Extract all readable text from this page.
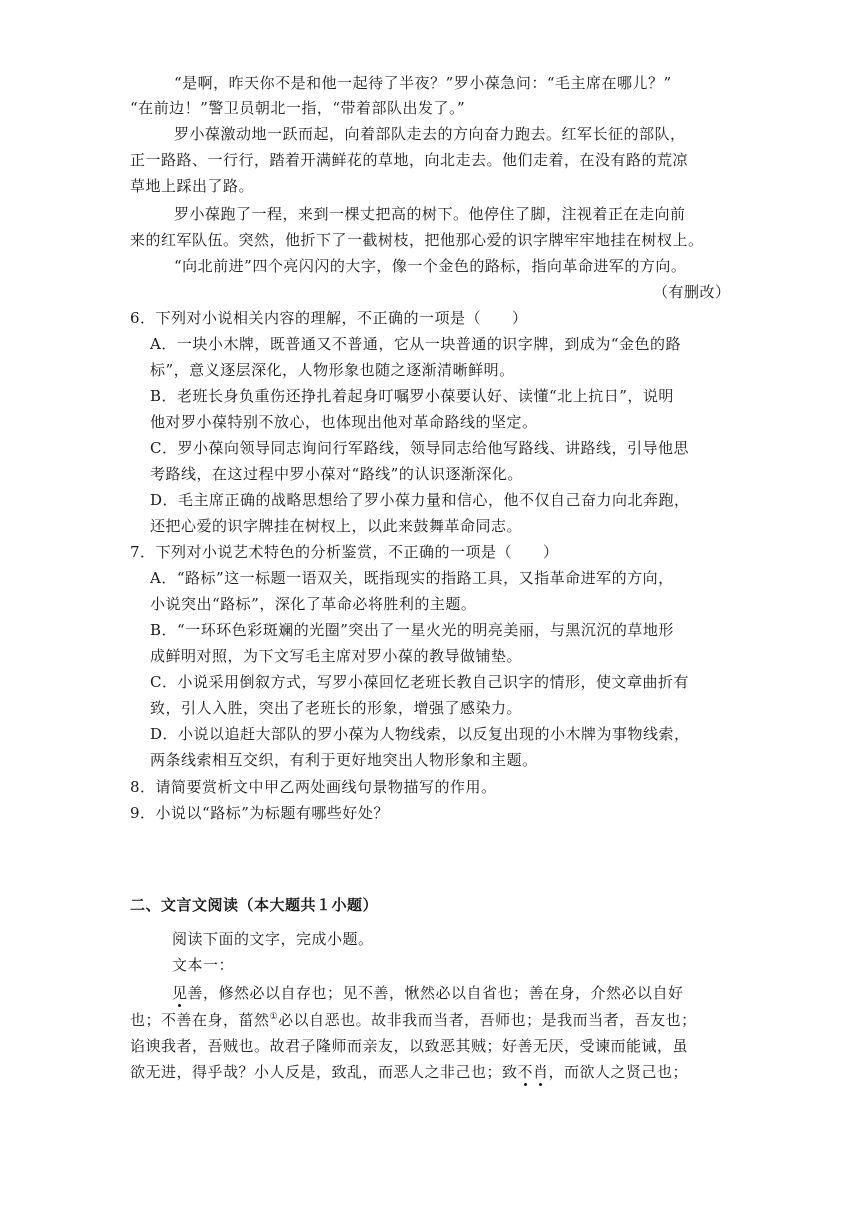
“是啊，昨天你不是和他一起待了半夜？”罗小葆急问：“毛主席在哪儿？”
“在前边！”警卫员朝北一指，“带着部队出发了。”
罗小葆激动地一跃而起，向着部队走去的方向奋力跑去。红军长征的部队，
正一路路、一行行，踏着开满鲜花的草地，向北走去。他们走着，在没有路的荒凉
草地上踩出了路。
罗小葆跑了一程，来到一棵丈把高的树下。他停住了脚，注视着正在走向前
来的红军队伍。突然，他折下了一截树枝，把他那心爱的识字牌牢牢地挂在树杈上。
“向北前进”四个亮闪闪的大字，像一个金色的路标，指向革命进军的方向。
（有删改）
6．下列对小说相关内容的理解，不正确的一项是（　　）
A．一块小木牌，既普通又不普通，它从一块普通的识字牌，到成为“金色的路
标”，意义逐层深化，人物形象也随之逐渐清晰鲜明。
B．老班长身负重伤还挣扎着起身叮嘱罗小葆要认好、读懂“北上抗日”，说明
他对罗小葆特别不放心，也体现出他对革命路线的坚定。
C．罗小葆向领导同志询问行军路线，领导同志给他写路线、讲路线，引导他思
考路线，在这过程中罗小葆对“路线”的认识逐渐深化。
D．毛主席正确的战略思想给了罗小葆力量和信心，他不仅自己奋力向北奔跑，
还把心爱的识字牌挂在树杈上，以此来鼓舞革命同志。
7．下列对小说艺术特色的分析鉴赏，不正确的一项是（　　）
A．“路标”这一标题一语双关，既指现实的指路工具，又指革命进军的方向，
小说突出“路标”，深化了革命必将胜利的主题。
B．“一环环色彩斑斓的光圈”突出了一星火光的明亮美丽，与黑沉沉的草地形
成鲜明对照，为下文写毛主席对罗小葆的教导做铺垫。
C．小说采用倒叙方式，写罗小葆回忆老班长教自己识字的情形，使文章曲折有
致，引人入胜，突出了老班长的形象，增强了感染力。
D．小说以追赶大部队的罗小葆为人物线索，以反复出现的小木牌为事物线索，
两条线索相互交织，有利于更好地突出人物形象和主题。
8．请简要赏析文中甲乙两处画线句景物描写的作用。
9．小说以“路标”为标题有哪些好处？
二、文言文阅读（本大题共１小题）
阅读下面的文字，完成小题。
文本一：
见善，修然必以自存也；见不善，愀然必以自省也；善在身，介然必以自好
也；不善在身，菑然①必以自恶也。故非我而当者，吾师也；是我而当者，吾友也；
谄谀我者，吾贼也。故君子隆师而亲友，以致恶其贼；好善无厌，受谏而能诫，虽
欲无进，得乎哉？小人反是，致乱，而恶人之非己也；致不肖，而欲人之贤己也；
